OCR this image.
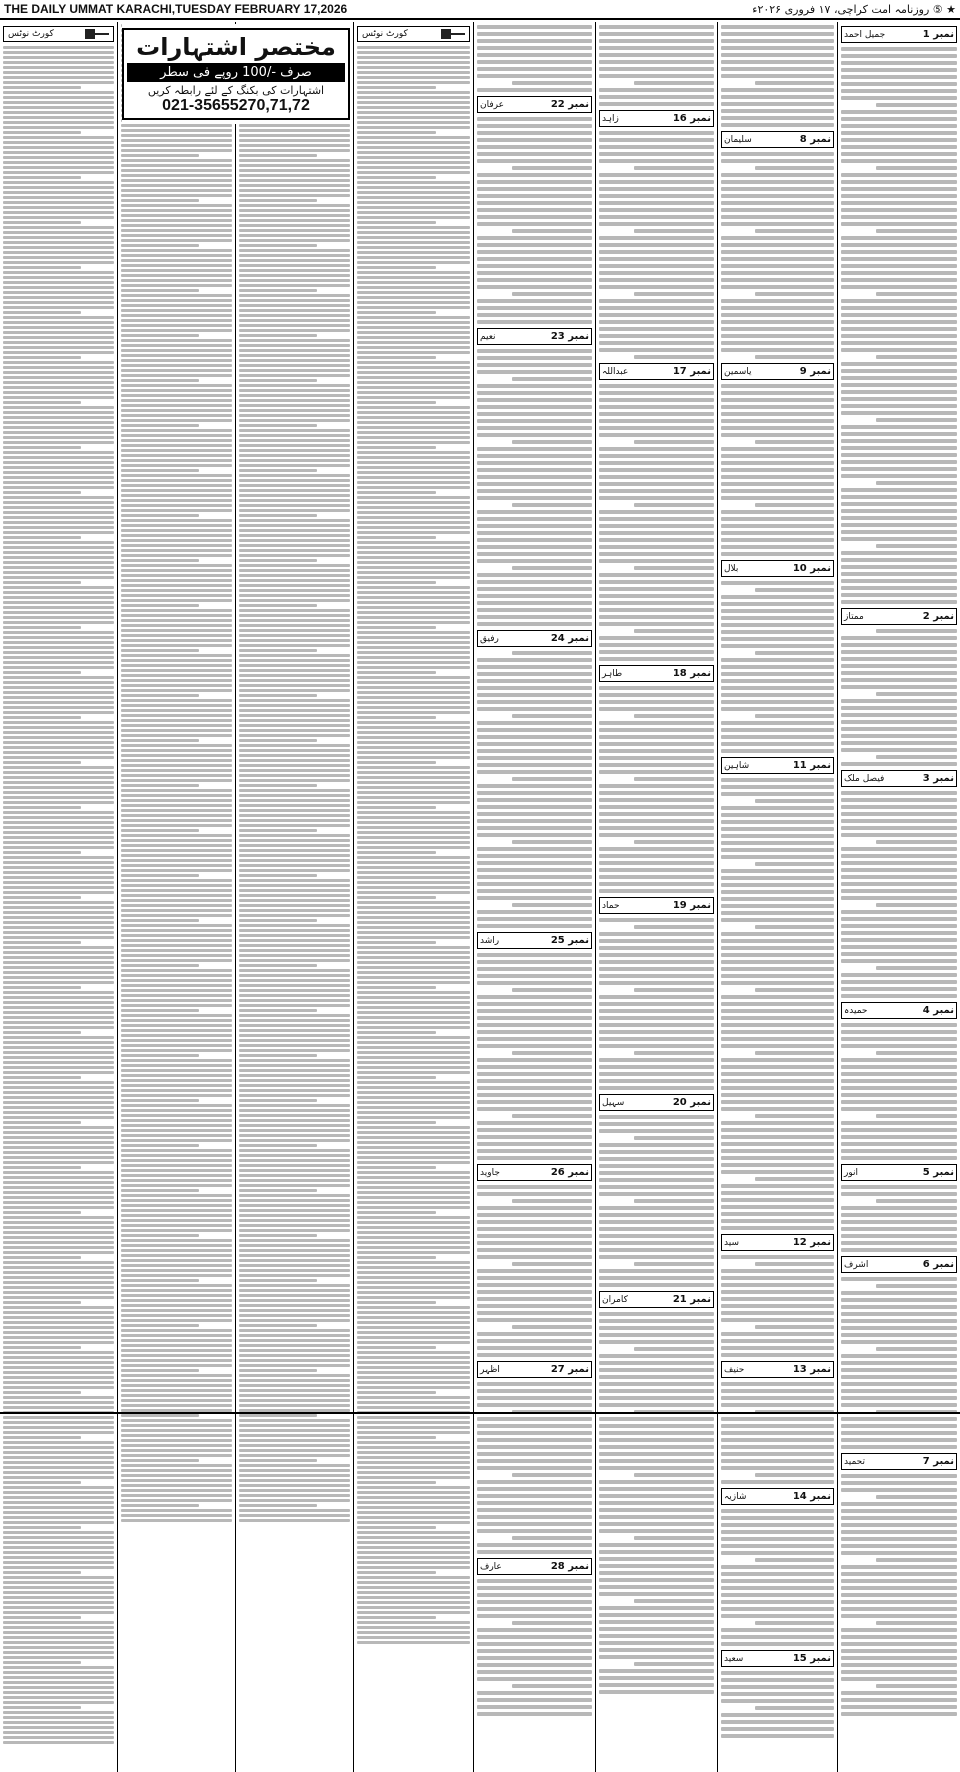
THE DAILY UMMAT KARACHI,TUESDAY FEBRUARY 17,2026	★ ⑤ روزنامہ امت کراچی، ۱۷ فروری ۲۰۲۶ء
کورٹ نوٹس	کورٹ نوٹس
مختصر اشتہارات
صرف -/100 روپے فی سطر
اشتہارات کی بکنگ کے لئے رابطہ کریں
021-35655270,71,72	نمبر 22
عرفان
نمبر 23
نعیم
نمبر 24
رفیق
نمبر 25
راشد
نمبر 26
جاوید
نمبر 27
اظہر
نمبر 28
عارف
نمبر 16
زاہد
نمبر 17
عبداللہ
نمبر 18
طاہر
نمبر 19
حماد
نمبر 20
سہیل
نمبر 21
کامران
نمبر 8
سلیمان
نمبر 9
یاسمین
نمبر 10
بلال
نمبر 11
شاہین
نمبر 12
سید
نمبر 13
حنیف
نمبر 14
شازیہ
نمبر 15
سعید
نمبر 1
جمیل احمد
نمبر 2
ممتاز
نمبر 3
فیصل ملک
نمبر 4
حمیدہ
نمبر 5
انور
نمبر 6
اشرف
نمبر 7
تحمید
